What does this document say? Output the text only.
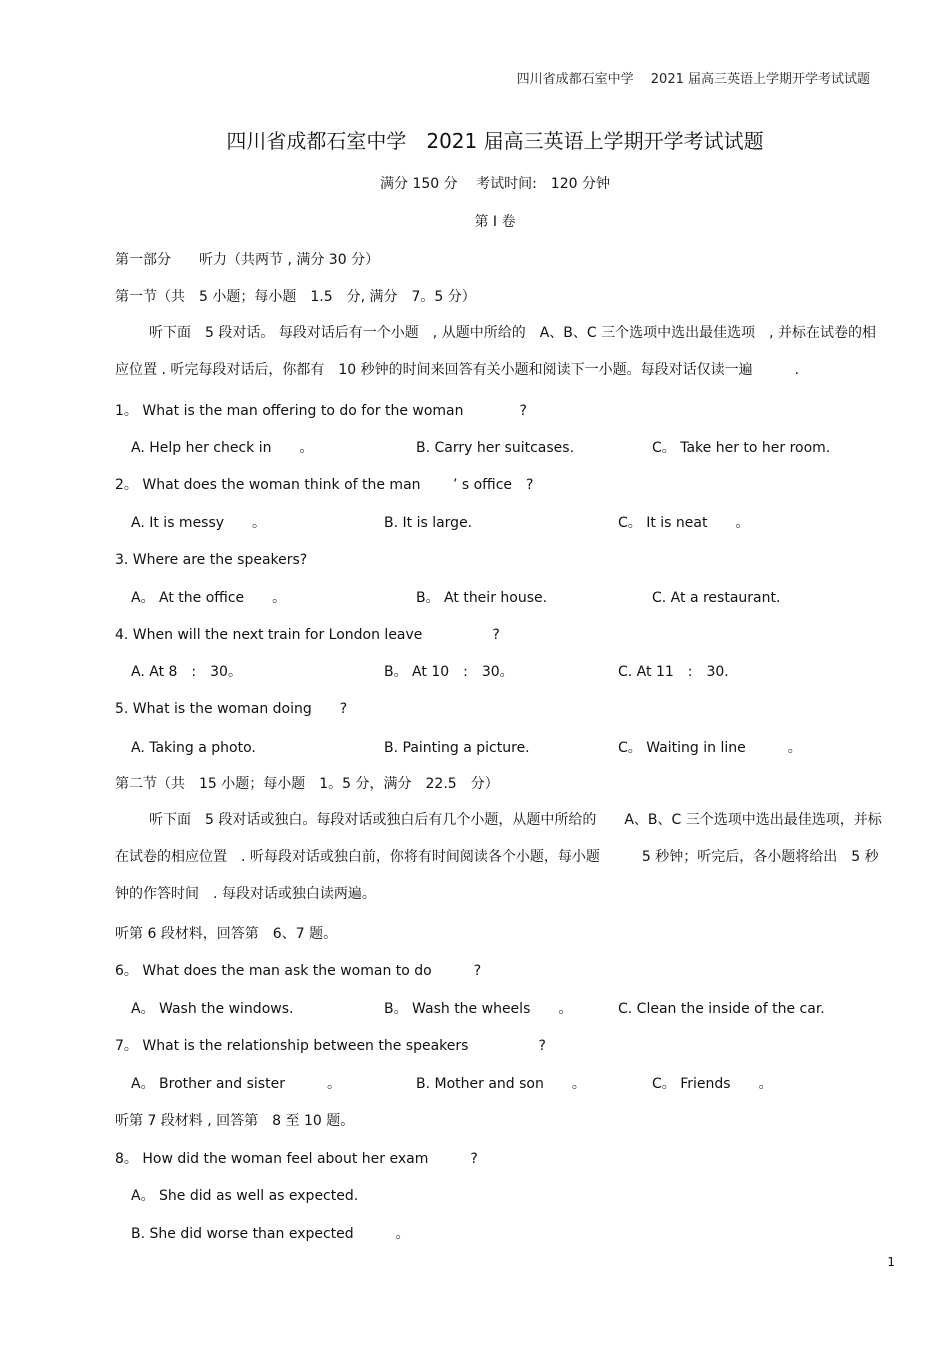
四川省成都石室中学　 2021 届高三英语上学期开学考试试题
四川省成都石室中学　2021 届高三英语上学期开学考试试题
满分 150 分　 考试时间:　120 分钟
第 I 卷
第一部分　　听力（共两节 , 满分 30 分）
第一节（共　5 小题；每小题　1.5　分, 满分　7。5 分）
听下面　5 段对话。 每段对话后有一个小题　, 从题中所给的　A、B、C 三个选项中选出最佳选项　, 并标在试卷的相应位置 . 听完每段对话后，你都有　10 秒钟的时间来回答有关小题和阅读下一小题。每段对话仅读一遍　　　.
1。 What is the man offering to do for the woman　　　　?
A. Help her check in　　。	B. Carry her suitcases.	C。 Take her to her room.
2。 What does the woman think of the man　　 ’ s office　?
A. It is messy　　。	B. It is large.	C。 It is neat　　。
3. Where are the speakers?
A。 At the office　　。	B。 At their house.	C. At a restaurant.
4. When will the next train for London leave　　　　　?
A. At 8　:　30。	B。 At 10　:　30。	C. At 11　:　30.
5. What is the woman doing　　?
A. Taking a photo.	B. Painting a picture.	C。 Waiting in line　　　。
第二节（共　15 小题；每小题　1。5 分，满分　22.5　分）
听下面　5 段对话或独白。每段对话或独白后有几个小题，从题中所给的　　A、B、C 三个选项中选出最佳选项，并标在试卷的相应位置　. 听每段对话或独白前，你将有时间阅读各个小题，每小题　　　5 秒钟；听完后，各小题将给出　5 秒钟的作答时间　. 每段对话或独白读两遍。
听第 6 段材料，回答第　6、7 题。
6。 What does the man ask the woman to do　　　?
A。 Wash the windows.	B。 Wash the wheels　　。	C. Clean the inside of the car.
7。 What is the relationship between the speakers　　　　　?
A。 Brother and sister　　　。	B. Mother and son　　。	C。 Friends　　。
听第 7 段材料 , 回答第　8 至 10 题。
8。 How did the woman feel about her exam　　　?
A。 She did as well as expected.
B. She did worse than expected　　　。
1
